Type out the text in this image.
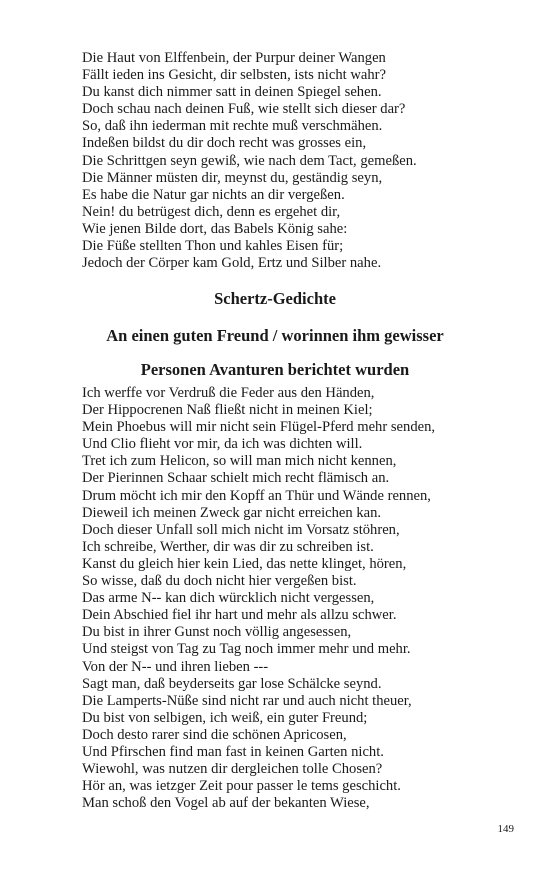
Die Haut von Elffenbein, der Purpur deiner Wangen
Fällt ieden ins Gesicht, dir selbsten, ists nicht wahr?
Du kanst dich nimmer satt in deinen Spiegel sehen.
Doch schau nach deinen Fuß, wie stellt sich dieser dar?
So, daß ihn iederman mit rechte muß verschmähen.
Indeßen bildst du dir doch recht was grosses ein,
Die Schrittgen seyn gewiß, wie nach dem Tact, gemeßen.
Die Männer müsten dir, meynst du, geständig seyn,
Es habe die Natur gar nichts an dir vergeßen.
Nein! du betrügest dich, denn es ergehet dir,
Wie jenen Bilde dort, das Babels König sahe:
Die Füße stellten Thon und kahles Eisen für;
Jedoch der Cörper kam Gold, Ertz und Silber nahe.
Schertz-Gedichte
An einen guten Freund / worinnen ihm gewisser
Personen Avanturen berichtet wurden
Ich werffe vor Verdruß die Feder aus den Händen,
Der Hippocrenen Naß fließt nicht in meinen Kiel;
Mein Phoebus will mir nicht sein Flügel-Pferd mehr senden,
Und Clio flieht vor mir, da ich was dichten will.
Tret ich zum Helicon, so will man mich nicht kennen,
Der Pierinnen Schaar schielt mich recht flämisch an.
Drum möcht ich mir den Kopff an Thür und Wände rennen,
Dieweil ich meinen Zweck gar nicht erreichen kan.
Doch dieser Unfall soll mich nicht im Vorsatz stöhren,
Ich schreibe, Werther, dir was dir zu schreiben ist.
Kanst du gleich hier kein Lied, das nette klinget, hören,
So wisse, daß du doch nicht hier vergeßen bist.
Das arme N-- kan dich würcklich nicht vergessen,
Dein Abschied fiel ihr hart und mehr als allzu schwer.
Du bist in ihrer Gunst noch völlig angesessen,
Und steigst von Tag zu Tag noch immer mehr und mehr.
Von der N-- und ihren lieben ---
Sagt man, daß beyderseits gar lose Schälcke seynd.
Die Lamperts-Nüße sind nicht rar und auch nicht theuer,
Du bist von selbigen, ich weiß, ein guter Freund;
Doch desto rarer sind die schönen Apricosen,
Und Pfirschen find man fast in keinen Garten nicht.
Wiewohl, was nutzen dir dergleichen tolle Chosen?
Hör an, was ietzger Zeit pour passer le tems geschicht.
Man schoß den Vogel ab auf der bekanten Wiese,
149
